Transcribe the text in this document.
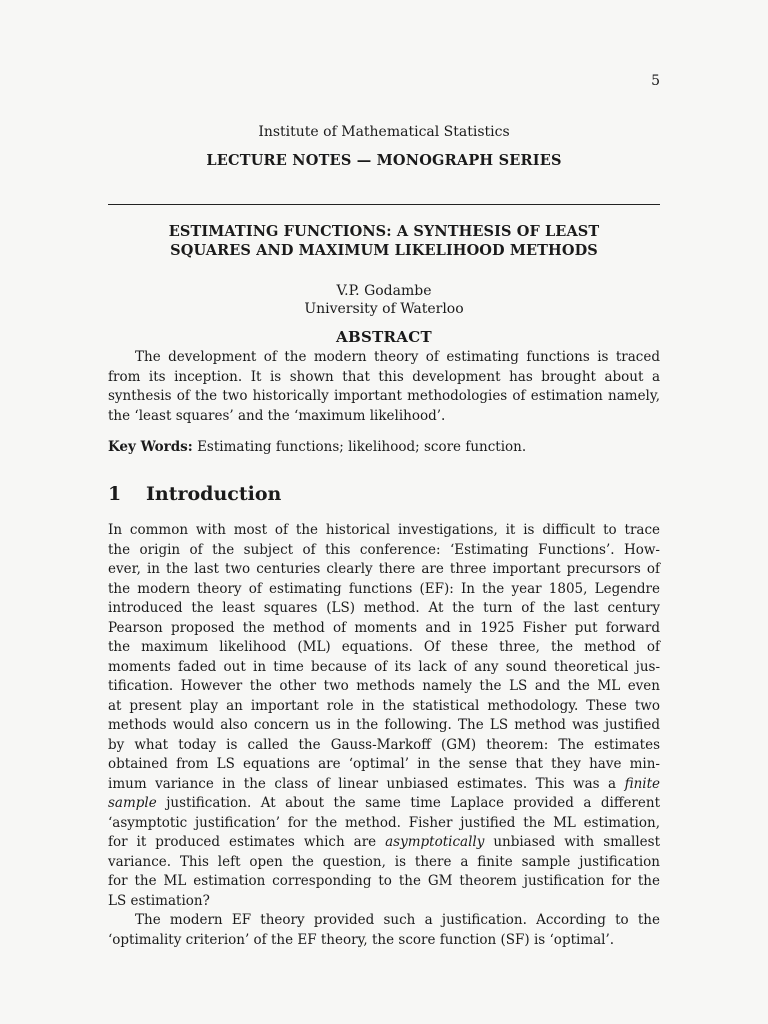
5
Institute of Mathematical Statistics
LECTURE NOTES — MONOGRAPH SERIES
ESTIMATING FUNCTIONS: A SYNTHESIS OF LEAST
SQUARES AND MAXIMUM LIKELIHOOD METHODS
V.P. Godambe
University of Waterloo
ABSTRACT
The development of the modern theory of estimating functions is traced from its inception. It is shown that this development has brought about a synthesis of the two historically important methodologies of estimation namely, the ‘least squares’ and the ‘maximum likelihood’.
Key Words: Estimating functions; likelihood; score function.
1 Introduction
In common with most of the historical investigations, it is difficult to trace
the origin of the subject of this conference: ‘Estimating Functions’. How-
ever, in the last two centuries clearly there are three important precursors of
the modern theory of estimating functions (EF): In the year 1805, Legendre
introduced the least squares (LS) method. At the turn of the last century
Pearson proposed the method of moments and in 1925 Fisher put forward
the maximum likelihood (ML) equations. Of these three, the method of
moments faded out in time because of its lack of any sound theoretical jus-
tification. However the other two methods namely the LS and the ML even
at present play an important role in the statistical methodology. These two
methods would also concern us in the following. The LS method was justified
by what today is called the Gauss-Markoff (GM) theorem: The estimates
obtained from LS equations are ‘optimal’ in the sense that they have min-
imum variance in the class of linear unbiased estimates. This was a finite
sample justification. At about the same time Laplace provided a different
‘asymptotic justification’ for the method. Fisher justified the ML estimation,
for it produced estimates which are asymptotically unbiased with smallest
variance. This left open the question, is there a finite sample justification
for the ML estimation corresponding to the GM theorem justification for the
LS estimation?
The modern EF theory provided such a justification. According to the
‘optimality criterion’ of the EF theory, the score function (SF) is ‘optimal’.
